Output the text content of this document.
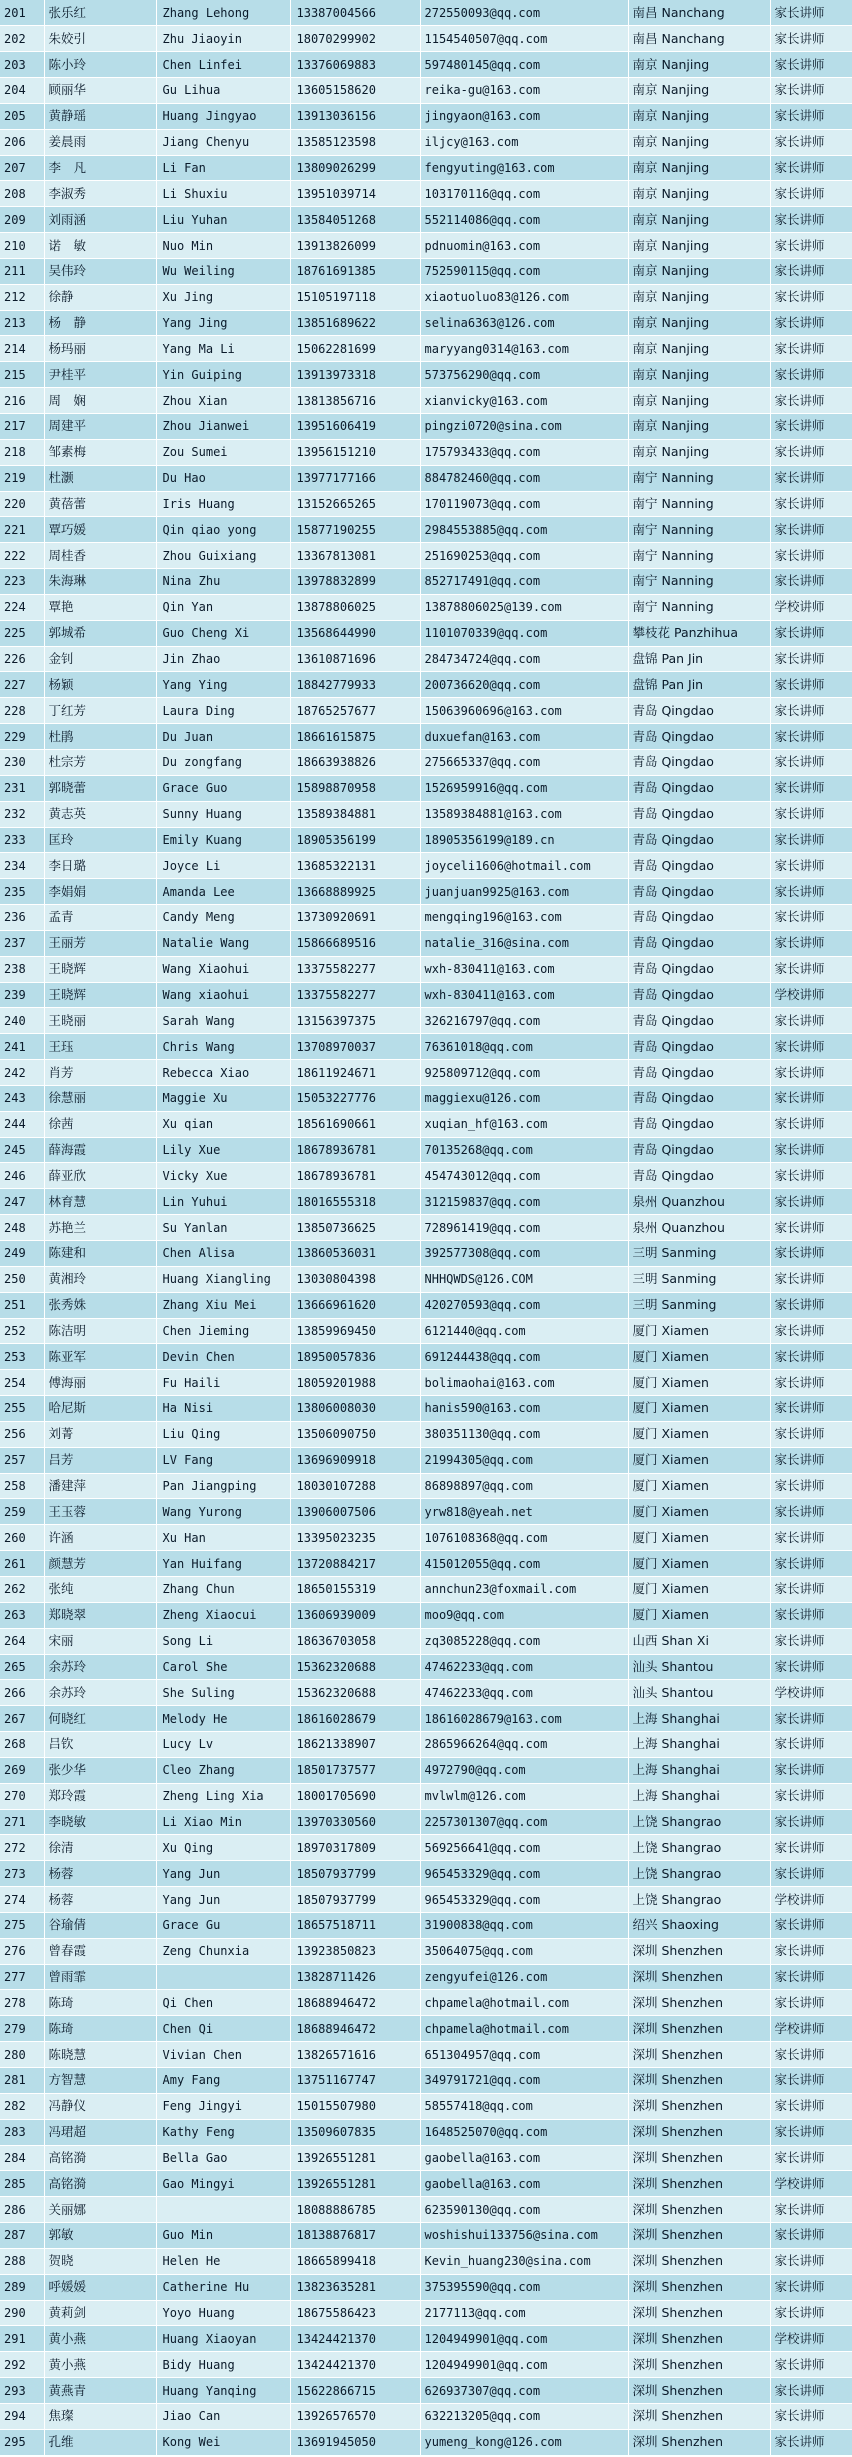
201	张乐红	Zhang Lehong	13387004566	272550093@qq.com	南昌 Nanchang	家长讲师
202	朱姣引	Zhu Jiaoyin	18070299902	1154540507@qq.com	南昌 Nanchang	家长讲师
203	陈小玲	Chen Linfei	13376069883	597480145@qq.com	南京 Nanjing	家长讲师
204	顾丽华	Gu Lihua	13605158620	reika-gu@163.com	南京 Nanjing	家长讲师
205	黄静瑶	Huang Jingyao	13913036156	jingyaon@163.com	南京 Nanjing	家长讲师
206	姜晨雨	Jiang Chenyu	13585123598	iljcy@163.com	南京 Nanjing	家长讲师
207	李　凡	Li Fan	13809026299	fengyuting@163.com	南京 Nanjing	家长讲师
208	李淑秀	Li Shuxiu	13951039714	103170116@qq.com	南京 Nanjing	家长讲师
209	刘雨涵	Liu Yuhan	13584051268	552114086@qq.com	南京 Nanjing	家长讲师
210	诺　敏	Nuo Min	13913826099	pdnuomin@163.com	南京 Nanjing	家长讲师
211	吴伟玲	Wu Weiling	18761691385	752590115@qq.com	南京 Nanjing	家长讲师
212	徐静	Xu Jing	15105197118	xiaotuoluo83@126.com	南京 Nanjing	家长讲师
213	杨　静	Yang Jing	13851689622	selina6363@126.com	南京 Nanjing	家长讲师
214	杨玛丽	Yang Ma Li	15062281699	maryyang0314@163.com	南京 Nanjing	家长讲师
215	尹桂平	Yin Guiping	13913973318	573756290@qq.com	南京 Nanjing	家长讲师
216	周　娴	Zhou Xian	13813856716	xianvicky@163.com	南京 Nanjing	家长讲师
217	周建平	Zhou Jianwei	13951606419	pingzi0720@sina.com	南京 Nanjing	家长讲师
218	邹素梅	Zou Sumei	13956151210	175793433@qq.com	南京 Nanjing	家长讲师
219	杜灏	Du Hao	13977177166	884782460@qq.com	南宁 Nanning	家长讲师
220	黄蓓蕾	Iris Huang	13152665265	170119073@qq.com	南宁 Nanning	家长讲师
221	覃巧媛	Qin qiao yong	15877190255	2984553885@qq.com	南宁 Nanning	家长讲师
222	周桂香	Zhou Guixiang	13367813081	251690253@qq.com	南宁 Nanning	家长讲师
223	朱海琳	Nina Zhu	13978832899	852717491@qq.com	南宁 Nanning	家长讲师
224	覃艳	Qin Yan	13878806025	13878806025@139.com	南宁 Nanning	学校讲师
225	郭城希	Guo Cheng Xi	13568644990	1101070339@qq.com	攀枝花 Panzhihua	家长讲师
226	金钊	Jin Zhao	13610871696	284734724@qq.com	盘锦 Pan Jin	家长讲师
227	杨颖	Yang Ying	18842779933	200736620@qq.com	盘锦 Pan Jin	家长讲师
228	丁红芳	Laura Ding	18765257677	15063960696@163.com	青岛 Qingdao	家长讲师
229	杜鹃	Du Juan	18661615875	duxuefan@163.com	青岛 Qingdao	家长讲师
230	杜宗芳	Du zongfang	18663938826	275665337@qq.com	青岛 Qingdao	家长讲师
231	郭晓蕾	Grace Guo	15898870958	1526959916@qq.com	青岛 Qingdao	家长讲师
232	黄志英	Sunny Huang	13589384881	13589384881@163.com	青岛 Qingdao	家长讲师
233	匡玲	Emily Kuang	18905356199	18905356199@189.cn	青岛 Qingdao	家长讲师
234	李日璐	Joyce Li	13685322131	joyceli1606@hotmail.com	青岛 Qingdao	家长讲师
235	李娟娟	Amanda Lee	13668889925	juanjuan9925@163.com	青岛 Qingdao	家长讲师
236	孟青	Candy Meng	13730920691	mengqing196@163.com	青岛 Qingdao	家长讲师
237	王丽芳	Natalie Wang	15866689516	natalie_316@sina.com	青岛 Qingdao	家长讲师
238	王晓辉	Wang Xiaohui	13375582277	wxh-830411@163.com	青岛 Qingdao	家长讲师
239	王晓辉	Wang xiaohui	13375582277	wxh-830411@163.com	青岛 Qingdao	学校讲师
240	王晓丽	Sarah Wang	13156397375	326216797@qq.com	青岛 Qingdao	家长讲师
241	王珏	Chris Wang	13708970037	76361018@qq.com	青岛 Qingdao	家长讲师
242	肖芳	Rebecca Xiao	18611924671	925809712@qq.com	青岛 Qingdao	家长讲师
243	徐慧丽	Maggie Xu	15053227776	maggiexu@126.com	青岛 Qingdao	家长讲师
244	徐茜	Xu qian	18561690661	xuqian_hf@163.com	青岛 Qingdao	家长讲师
245	薛海霞	Lily Xue	18678936781	70135268@qq.com	青岛 Qingdao	家长讲师
246	薛亚欣	Vicky Xue	18678936781	454743012@qq.com	青岛 Qingdao	家长讲师
247	林育慧	Lin Yuhui	18016555318	312159837@qq.com	泉州 Quanzhou	家长讲师
248	苏艳兰	Su Yanlan	13850736625	728961419@qq.com	泉州 Quanzhou	家长讲师
249	陈建和	Chen Alisa	13860536031	392577308@qq.com	三明 Sanming	家长讲师
250	黄湘玲	Huang Xiangling	13030804398	NHHQWDS@126.COM	三明 Sanming	家长讲师
251	张秀姝	Zhang Xiu Mei	13666961620	420270593@qq.com	三明 Sanming	家长讲师
252	陈洁明	Chen Jieming	13859969450	6121440@qq.com	厦门 Xiamen	家长讲师
253	陈亚军	Devin Chen	18950057836	691244438@qq.com	厦门 Xiamen	家长讲师
254	傅海丽	Fu Haili	18059201988	bolimaohai@163.com	厦门 Xiamen	家长讲师
255	哈尼斯	Ha Nisi	13806008030	hanis590@163.com	厦门 Xiamen	家长讲师
256	刘菁	Liu Qing	13506090750	380351130@qq.com	厦门 Xiamen	家长讲师
257	吕芳	LV Fang	13696909918	21994305@qq.com	厦门 Xiamen	家长讲师
258	潘建萍	Pan Jiangping	18030107288	86898897@qq.com	厦门 Xiamen	家长讲师
259	王玉蓉	Wang Yurong	13906007506	yrw818@yeah.net	厦门 Xiamen	家长讲师
260	许涵	Xu Han	13395023235	1076108368@qq.com	厦门 Xiamen	家长讲师
261	颜慧芳	Yan Huifang	13720884217	415012055@qq.com	厦门 Xiamen	家长讲师
262	张纯	Zhang Chun	18650155319	annchun23@foxmail.com	厦门 Xiamen	家长讲师
263	郑晓翠	Zheng Xiaocui	13606939009	moo9@qq.com	厦门 Xiamen	家长讲师
264	宋丽	Song Li	18636703058	zq3085228@qq.com	山西 Shan Xi	家长讲师
265	余苏玲	Carol She	15362320688	47462233@qq.com	汕头 Shantou	家长讲师
266	余苏玲	She Suling	15362320688	47462233@qq.com	汕头 Shantou	学校讲师
267	何晓红	Melody He	18616028679	18616028679@163.com	上海 Shanghai	家长讲师
268	吕钦	Lucy Lv	18621338907	2865966264@qq.com	上海 Shanghai	家长讲师
269	张少华	Cleo Zhang	18501737577	4972790@qq.com	上海 Shanghai	家长讲师
270	郑玲霞	Zheng Ling Xia	18001705690	mvlwlm@126.com	上海 Shanghai	家长讲师
271	李晓敏	Li Xiao Min	13970330560	2257301307@qq.com	上饶 Shangrao	家长讲师
272	徐清	Xu Qing	18970317809	569256641@qq.com	上饶 Shangrao	家长讲师
273	杨蓉	Yang Jun	18507937799	965453329@qq.com	上饶 Shangrao	家长讲师
274	杨蓉	Yang Jun	18507937799	965453329@qq.com	上饶 Shangrao	学校讲师
275	谷瑜倩	Grace Gu	18657518711	31900838@qq.com	绍兴 Shaoxing	家长讲师
276	曾春霞	Zeng Chunxia	13923850823	35064075@qq.com	深圳 Shenzhen	家长讲师
277	曾雨霏		13828711426	zengyufei@126.com	深圳 Shenzhen	家长讲师
278	陈琦	Qi Chen	18688946472	chpamela@hotmail.com	深圳 Shenzhen	家长讲师
279	陈琦	Chen Qi	18688946472	chpamela@hotmail.com	深圳 Shenzhen	学校讲师
280	陈晓慧	Vivian Chen	13826571616	651304957@qq.com	深圳 Shenzhen	家长讲师
281	方智慧	Amy Fang	13751167747	349791721@qq.com	深圳 Shenzhen	家长讲师
282	冯静仪	Feng Jingyi	15015507980	58557418@qq.com	深圳 Shenzhen	家长讲师
283	冯珺超	Kathy Feng	13509607835	1648525070@qq.com	深圳 Shenzhen	家长讲师
284	高铭漪	Bella Gao	13926551281	gaobella@163.com	深圳 Shenzhen	家长讲师
285	高铭漪	Gao Mingyi	13926551281	gaobella@163.com	深圳 Shenzhen	学校讲师
286	关丽娜		18088886785	623590130@qq.com	深圳 Shenzhen	家长讲师
287	郭敏	Guo Min	18138876817	woshishui133756@sina.com	深圳 Shenzhen	家长讲师
288	贺晓	Helen He	18665899418	Kevin_huang230@sina.com	深圳 Shenzhen	家长讲师
289	呼媛媛	Catherine Hu	13823635281	375395590@qq.com	深圳 Shenzhen	家长讲师
290	黄莉剑	Yoyo Huang	18675586423	2177113@qq.com	深圳 Shenzhen	家长讲师
291	黄小燕	Huang Xiaoyan	13424421370	1204949901@qq.com	深圳 Shenzhen	学校讲师
292	黄小燕	Bidy Huang	13424421370	1204949901@qq.com	深圳 Shenzhen	家长讲师
293	黄燕青	Huang Yanqing	15622866715	626937307@qq.com	深圳 Shenzhen	家长讲师
294	焦璨	Jiao Can	13926576570	632213205@qq.com	深圳 Shenzhen	家长讲师
295	孔维	Kong Wei	13691945050	yumeng_kong@126.com	深圳 Shenzhen	家长讲师
